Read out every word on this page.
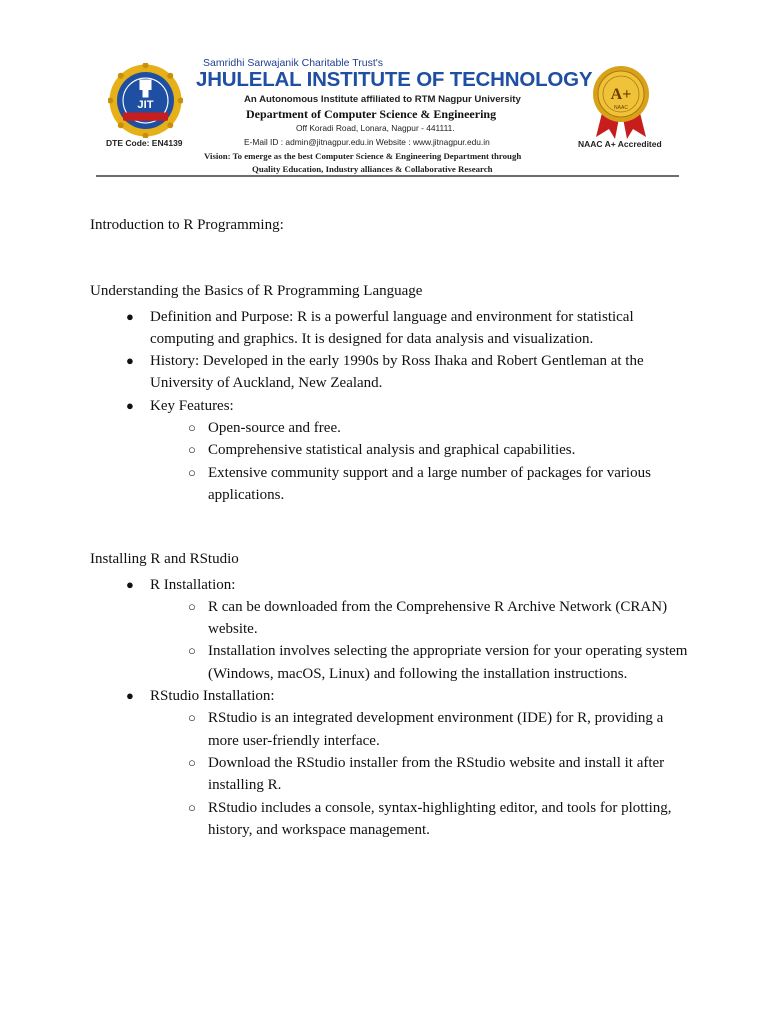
JIT
DTE Code: EN4139
Samridhi Sarwajanik Charitable Trust's
JHULELAL INSTITUTE OF TECHNOLOGY
An Autonomous Institute affiliated to RTM Nagpur University
Department of Computer Science & Engineering
Off Koradi Road, Lonara, Nagpur - 441111.
E-Mail ID : admin@jitnagpur.edu.in Website : www.jitnagpur.edu.in
Vision: To emerge as the best Computer Science & Engineering Department through
Quality Education, Industry alliances & Collaborative Research
A+
NAAC
NAAC A+ Accredited

Introduction to R Programming:

Understanding the Basics of R Programming Language

● Definition and Purpose: R is a powerful language and environment for statistical computing and graphics. It is designed for data analysis and visualization.
● History: Developed in the early 1990s by Ross Ihaka and Robert Gentleman at the University of Auckland, New Zealand.
● Key Features:
○ Open-source and free.
○ Comprehensive statistical analysis and graphical capabilities.
○ Extensive community support and a large number of packages for various applications.

Installing R and RStudio

● R Installation:
○ R can be downloaded from the Comprehensive R Archive Network (CRAN) website.
○ Installation involves selecting the appropriate version for your operating system (Windows, macOS, Linux) and following the installation instructions.
● RStudio Installation:
○ RStudio is an integrated development environment (IDE) for R, providing a more user-friendly interface.
○ Download the RStudio installer from the RStudio website and install it after installing R.
○ RStudio includes a console, syntax-highlighting editor, and tools for plotting, history, and workspace management.
